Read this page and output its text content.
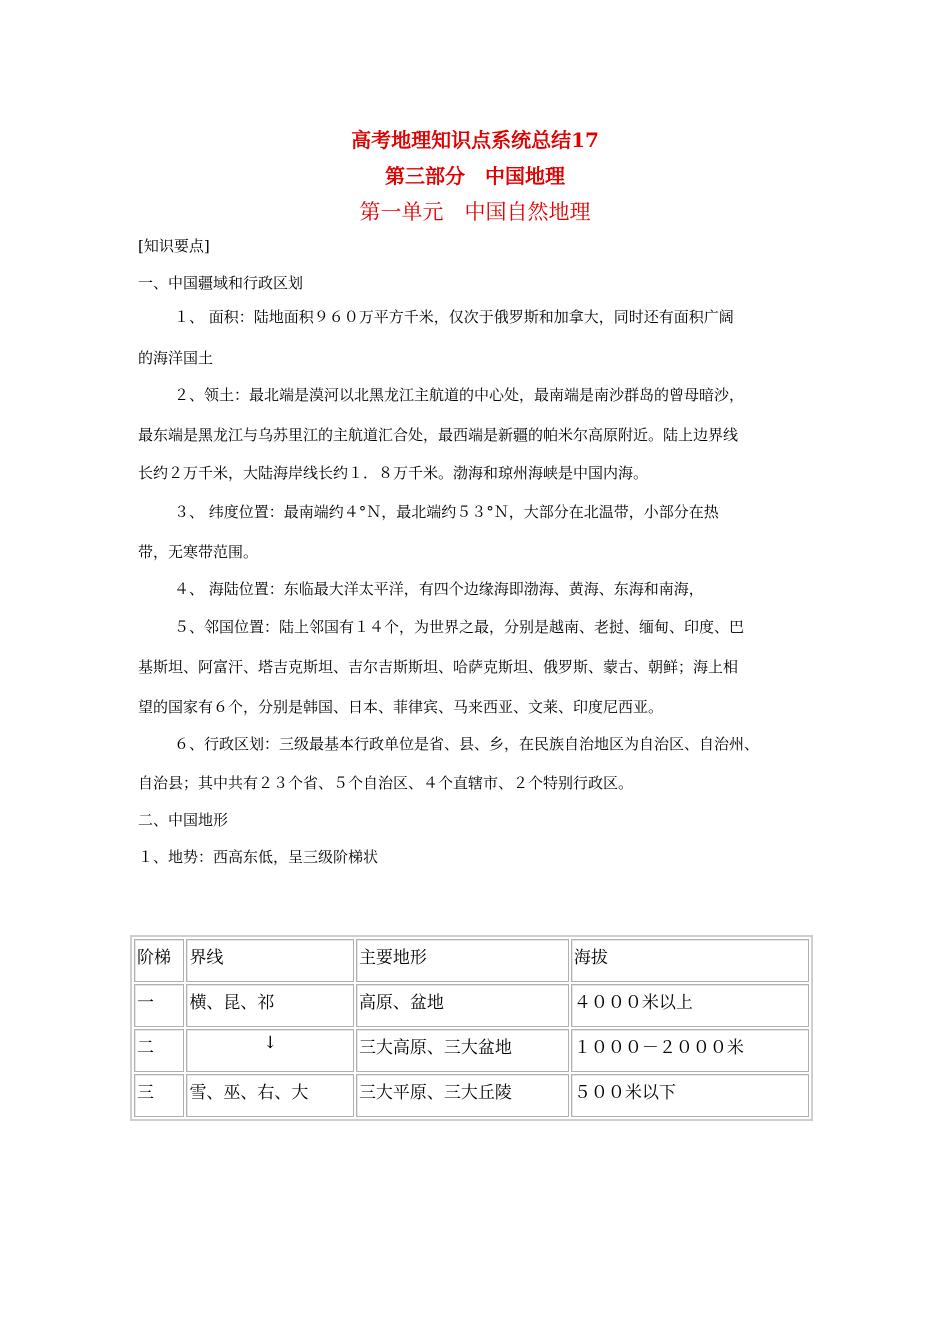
高考地理知识点系统总结17
第三部分　中国地理
第一单元　中国自然地理

[知识要点]

一、中国疆域和行政区划

１、 面积：陆地面积９６０万平方千米，仅次于俄罗斯和加拿大，同时还有面积广阔

的海洋国土

２、领土：最北端是漠河以北黑龙江主航道的中心处，最南端是南沙群岛的曾母暗沙，

最东端是黑龙江与乌苏里江的主航道汇合处，最西端是新疆的帕米尔高原附近。陆上边界线

长约２万千米，大陆海岸线长约１．８万千米。渤海和琼州海峡是中国内海。

３、 纬度位置：最南端约４°Ｎ，最北端约５３°Ｎ，大部分在北温带，小部分在热

带，无寒带范围。

４、 海陆位置：东临最大洋太平洋，有四个边缘海即渤海、黄海、东海和南海，

５、邻国位置：陆上邻国有１４个，为世界之最，分别是越南、老挝、缅甸、印度、巴

基斯坦、阿富汗、塔吉克斯坦、吉尔吉斯斯坦、哈萨克斯坦、俄罗斯、蒙古、朝鲜；海上相

望的国家有６个，分别是韩国、日本、菲律宾、马来西亚、文莱、印度尼西亚。

６、行政区划：三级最基本行政单位是省、县、乡，在民族自治地区为自治区、自治州、

自治县；其中共有２３个省、５个自治区、４个直辖市、２个特别行政区。

二、中国地形

１、地势：西高东低，呈三级阶梯状

阶梯	界线	主要地形	海拔
一	横、昆、祁	高原、盆地	４０００米以上
二	↓	三大高原、三大盆地	１０００－２０００米
三	雪、巫、右、大	三大平原、三大丘陵	５００米以下
